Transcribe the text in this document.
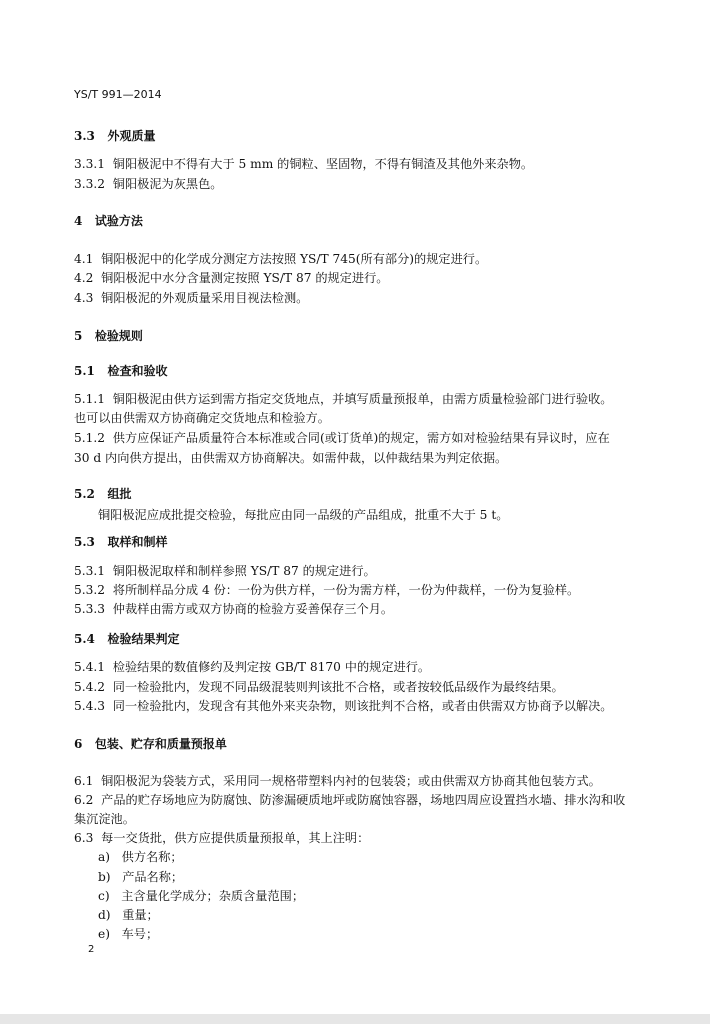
YS/T 991—2014
3.3 外观质量
3.3.1 铜阳极泥中不得有大于 5 mm 的铜粒、坚固物，不得有铜渣及其他外来杂物。
3.3.2 铜阳极泥为灰黑色。
4 试验方法
4.1 铜阳极泥中的化学成分测定方法按照 YS/T 745(所有部分)的规定进行。
4.2 铜阳极泥中水分含量测定按照 YS/T 87 的规定进行。
4.3 铜阳极泥的外观质量采用目视法检测。
5 检验规则
5.1 检查和验收
5.1.1 铜阳极泥由供方运到需方指定交货地点，并填写质量预报单，由需方质量检验部门进行验收。
也可以由供需双方协商确定交货地点和检验方。
5.1.2 供方应保证产品质量符合本标准或合同(或订货单)的规定，需方如对检验结果有异议时，应在
30 d 内向供方提出，由供需双方协商解决。如需仲裁，以仲裁结果为判定依据。
5.2 组批
铜阳极泥应成批提交检验，每批应由同一品级的产品组成，批重不大于 5 t。
5.3 取样和制样
5.3.1 铜阳极泥取样和制样参照 YS/T 87 的规定进行。
5.3.2 将所制样品分成 4 份：一份为供方样，一份为需方样，一份为仲裁样，一份为复验样。
5.3.3 仲裁样由需方或双方协商的检验方妥善保存三个月。
5.4 检验结果判定
5.4.1 检验结果的数值修约及判定按 GB/T 8170 中的规定进行。
5.4.2 同一检验批内，发现不同品级混装则判该批不合格，或者按较低品级作为最终结果。
5.4.3 同一检验批内，发现含有其他外来夹杂物，则该批判不合格，或者由供需双方协商予以解决。
6 包装、贮存和质量预报单
6.1 铜阳极泥为袋装方式，采用同一规格带塑料内衬的包装袋；或由供需双方协商其他包装方式。
6.2 产品的贮存场地应为防腐蚀、防渗漏硬质地坪或防腐蚀容器，场地四周应设置挡水墙、排水沟和收
集沉淀池。
6.3 每一交货批，供方应提供质量预报单，其上注明：
a) 供方名称；
b) 产品名称；
c) 主含量化学成分；杂质含量范围；
d) 重量；
e) 车号；
2
